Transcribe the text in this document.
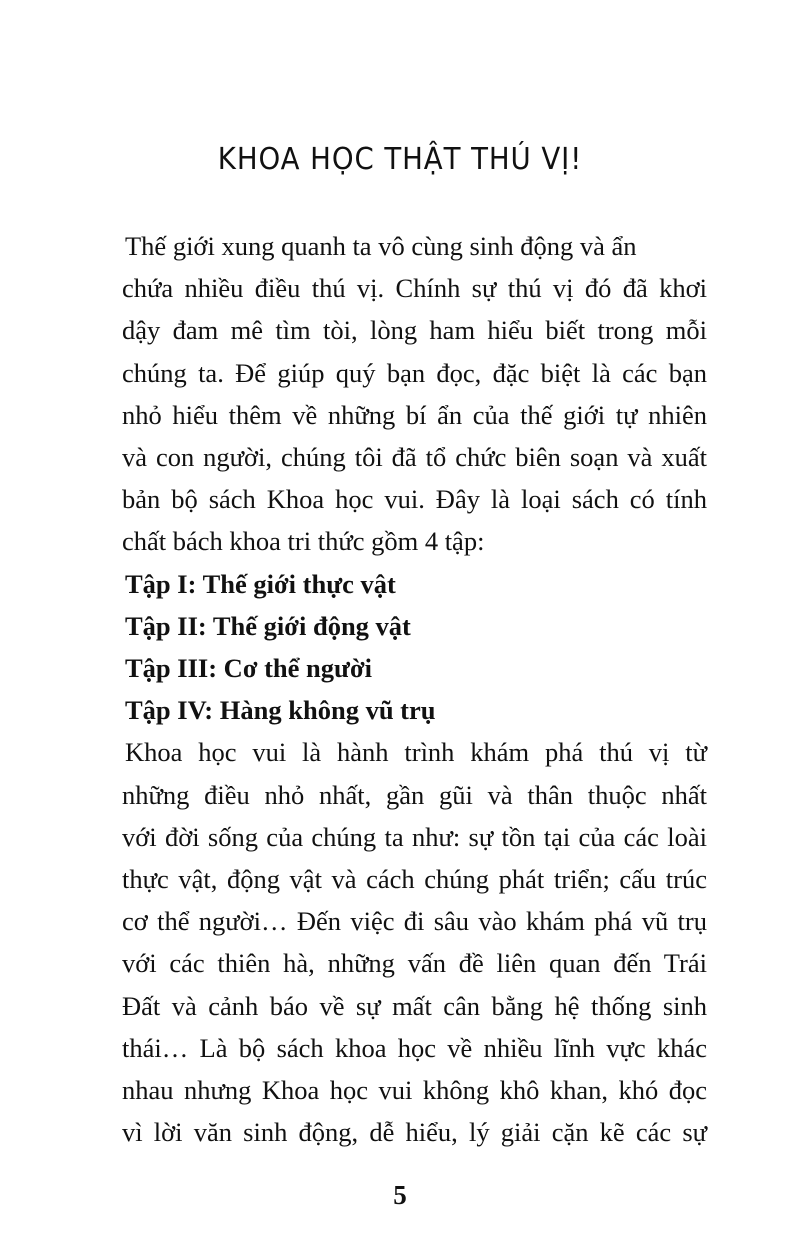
KHOA HỌC THẬT THÚ VỊ!
Thế giới xung quanh ta vô cùng sinh động và ẩn
chứa nhiều điều thú vị. Chính sự thú vị đó đã khơi
dậy đam mê tìm tòi, lòng ham hiểu biết trong mỗi
chúng ta. Để giúp quý bạn đọc, đặc biệt là các bạn
nhỏ hiểu thêm về những bí ẩn của thế giới tự nhiên
và con người, chúng tôi đã tổ chức biên soạn và xuất
bản bộ sách Khoa học vui. Đây là loại sách có tính
chất bách khoa tri thức gồm 4 tập:
Tập I: Thế giới thực vật
Tập II: Thế giới động vật
Tập III: Cơ thể người
Tập IV: Hàng không vũ trụ
Khoa học vui là hành trình khám phá thú vị từ
những điều nhỏ nhất, gần gũi và thân thuộc nhất
với đời sống của chúng ta như: sự tồn tại của các loài
thực vật, động vật và cách chúng phát triển; cấu trúc
cơ thể người… Đến việc đi sâu vào khám phá vũ trụ
với các thiên hà, những vấn đề liên quan đến Trái
Đất và cảnh báo về sự mất cân bằng hệ thống sinh
thái… Là bộ sách khoa học về nhiều lĩnh vực khác
nhau nhưng Khoa học vui không khô khan, khó đọc
vì lời văn sinh động, dễ hiểu, lý giải cặn kẽ các sự
5
